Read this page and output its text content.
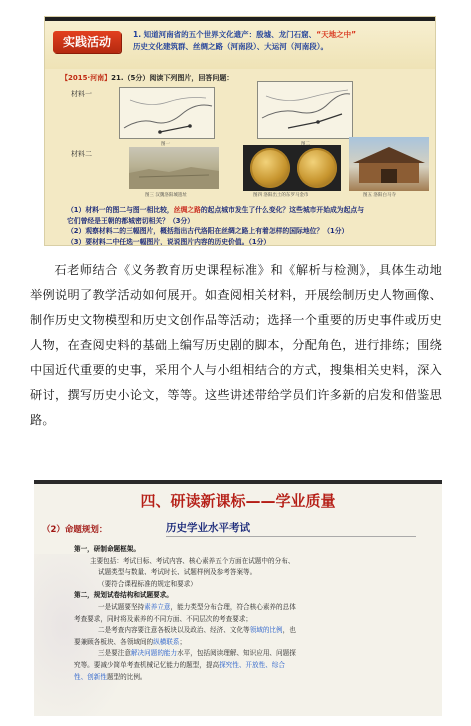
实践活动
1. 知道河南省的五个世界文化遗产：殷墟、龙门石窟、“天地之中”
历史文化建筑群、丝绸之路（河南段）、大运河（河南段）。
【2015·河南】21.（5分）阅读下列图片，回答问题：
材料一
图一
材料二
图三 汉魏洛阳城遗址	图四 洛阳出土的东罗马金币	图五 洛阳白马寺
（1）材料一的图二与图一相比较，丝绸之路的起点城市发生了什么变化？这些城市开始成为起点与
它们曾经是王朝的都城密切相关？（3分）
（2）观察材料二的三幅图片，概括指出古代洛阳在丝绸之路上有着怎样的国际地位？（1分）
（3）要材料二中任选一幅图片，说说图片内容的历史价值。（1分）

石老师结合《义务教育历史课程标准》和《解析与检测》，具体生动地举例说明了教学活动如何展开。如查阅相关材料，开展绘制历史人物画像、制作历史文物模型和历史文创作品等活动；选择一个重要的历史事件或历史人物，在查阅史料的基础上编写历史剧的脚本，分配角色，进行排练；围绕中国近代重要的史事，采用个人与小组相结合的方式，搜集相关史料，深入研讨，撰写历史小论文，等等。这些讲述带给学员们许多新的启发和借鉴思路。

四、研读新课标——学业质量
（2）命题规划：	历史学业水平考试
第一，研制命题框架。
主要包括：考试目标、考试内容、核心素养五个方面在试题中的分布、
试题类型与数量、考试时长、试题样例及参考答案等。
（要符合课程标准的规定和要求）
第二，规划试卷结构和试题要求。
一是试题要坚持素养立意，能力类型分布合理，符合核心素养的总体
考查要求，同时将及素养的不同方面、不同层次的考查要求；
二是考查内容要注意各板块以及政治、经济、文化等领域的比例，也
要兼顾各板块、各领域间的纵横联系；
三是要注意解决问题的能力水平，包括阅读理解、知识应用、问题探
究等。要减少简单考查机械记忆能力的题型，提高探究性、开放性、综合
性、创新性题型的比例。
